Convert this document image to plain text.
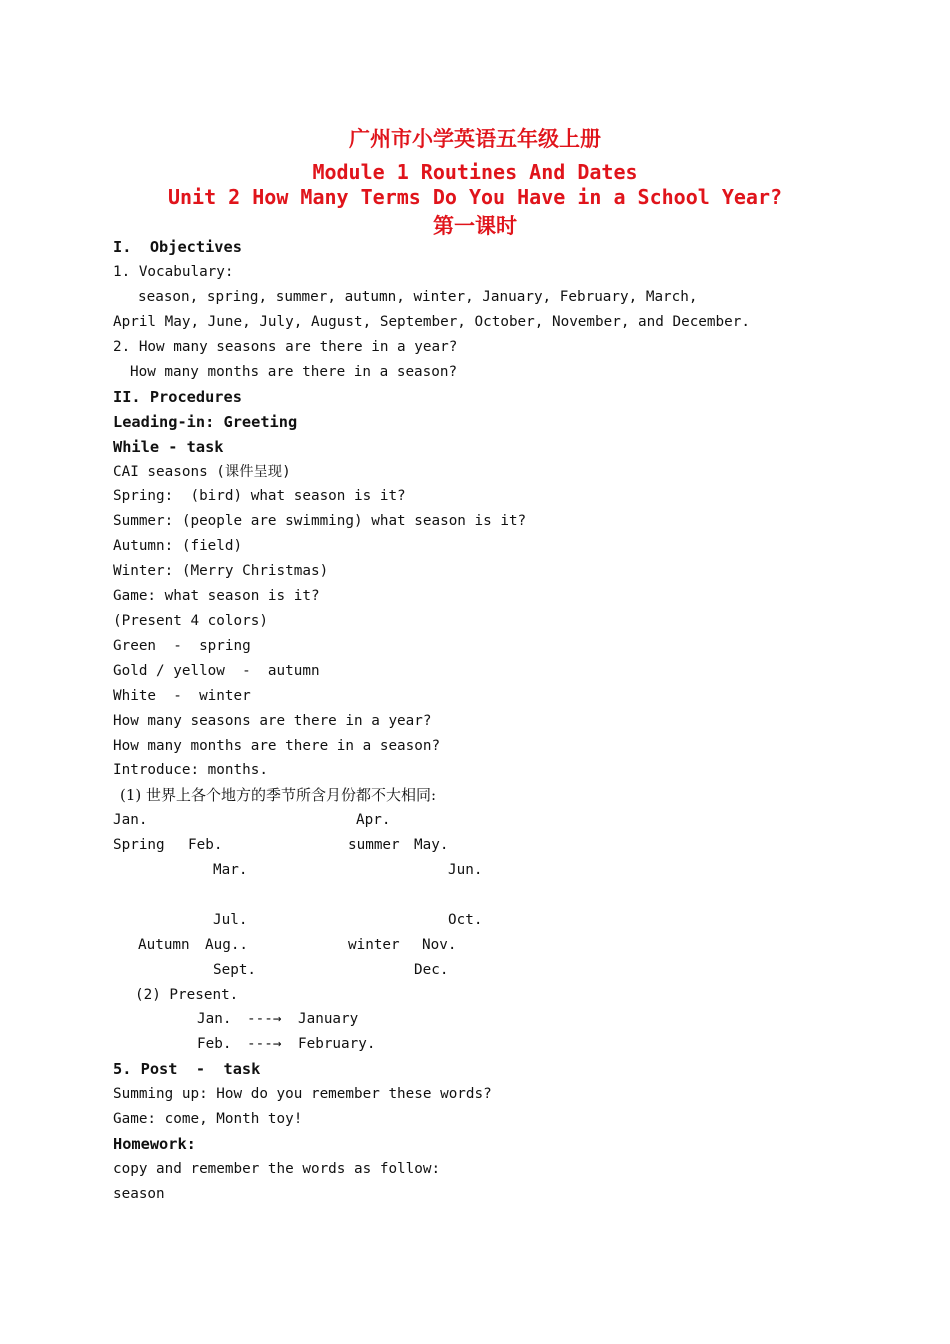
广州市小学英语五年级上册
Module 1 Routines And Dates
Unit 2 How Many Terms Do You Have in a School Year?
第一课时
I.  Objectives
1. Vocabulary:
season, spring, summer, autumn, winter, January, February, March,
April May, June, July, August, September, October, November, and December.
2. How many seasons are there in a year?
How many months are there in a season?
II. Procedures
Leading-in: Greeting
While - task
CAI seasons (课件呈现)
Spring:  (bird) what season is it?
Summer: (people are swimming) what season is it?
Autumn: (field)
Winter: (Merry Christmas)
Game: what season is it?
(Present 4 colors)
Green  -  spring
Gold / yellow  -  autumn
White  -  winter
How many seasons are there in a year?
How many months are there in a season?
Introduce: months.
(1) 世界上各个地方的季节所含月份都不大相同:
Jan.	Apr.
Spring Feb.	summer May.
Mar.	Jun.
Jul.	Oct.
Autumn Aug..	winter Nov.
Sept.	Dec.
(2) Present.
Jan. ---→ January
Feb. ---→ February.
5. Post  -  task
Summing up: How do you remember these words?
Game: come, Month toy!
Homework:
copy and remember the words as follow:
season
